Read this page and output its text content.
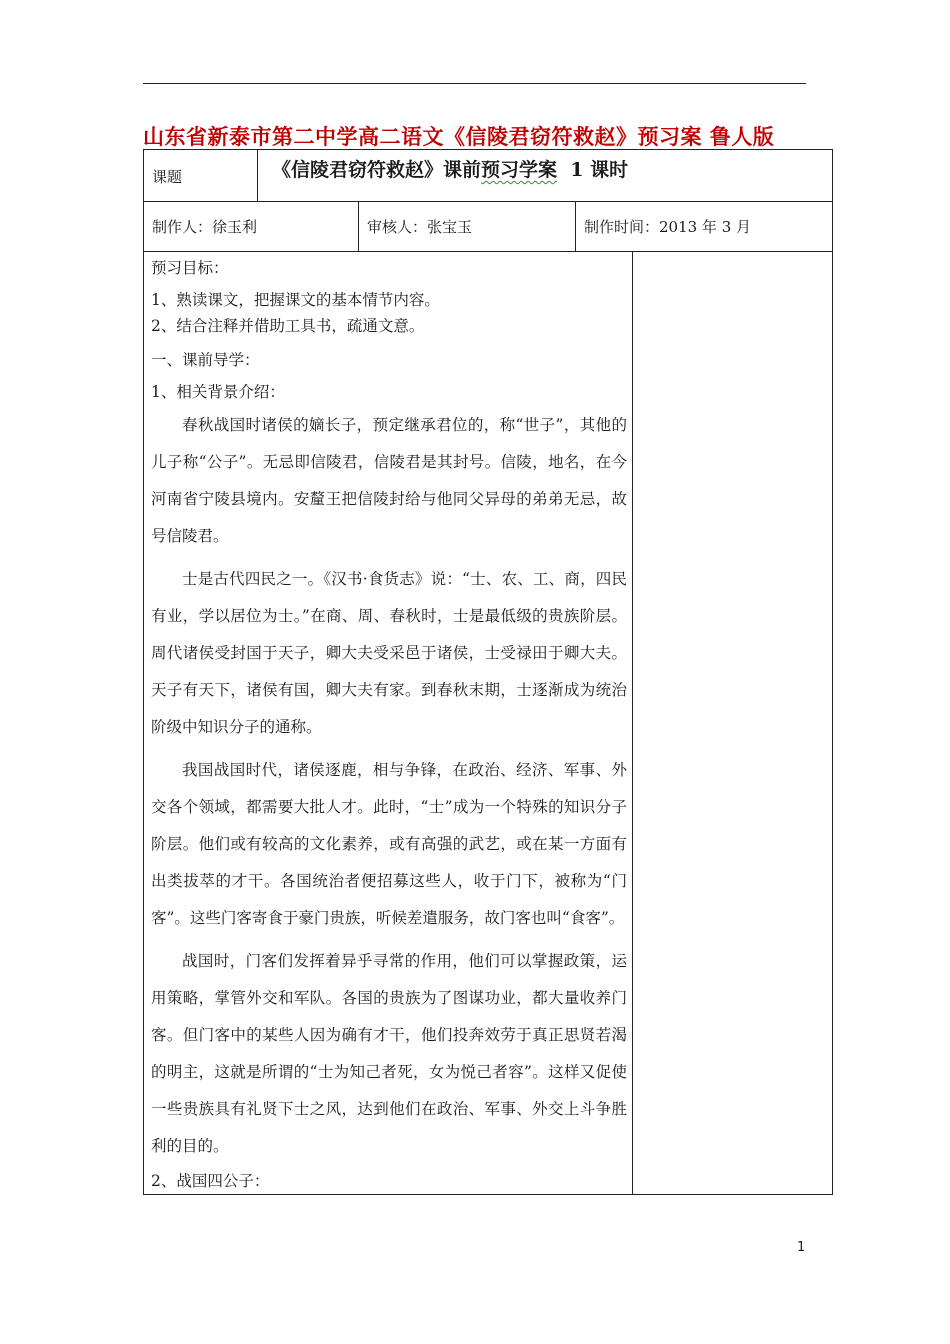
山东省新泰市第二中学高二语文《信陵君窃符救赵》预习案 鲁人版
课题	《信陵君窃符救赵》课前预习学案  1 课时
制作人：徐玉利	审核人：张宝玉	制作时间：2013 年 3 月
预习目标：
1、熟读课文，把握课文的基本情节内容。
2、结合注释并借助工具书，疏通文意。
一、课前导学：
1、相关背景介绍：
春秋战国时诸侯的嫡长子，预定继承君位的，称“世子”，其他的儿子称“公子”。无忌即信陵君，信陵君是其封号。信陵，地名，在今河南省宁陵县境内。安釐王把信陵封给与他同父异母的弟弟无忌，故号信陵君。
士是古代四民之一。《汉书·食货志》说：“士、农、工、商，四民有业，学以居位为士。”在商、周、春秋时，士是最低级的贵族阶层。周代诸侯受封国于天子，卿大夫受采邑于诸侯，士受禄田于卿大夫。天子有天下，诸侯有国，卿大夫有家。到春秋末期，士逐渐成为统治阶级中知识分子的通称。
我国战国时代，诸侯逐鹿，相与争锋，在政治、经济、军事、外交各个领域，都需要大批人才。此时，“士”成为一个特殊的知识分子阶层。他们或有较高的文化素养，或有高强的武艺，或在某一方面有出类拔萃的才干。各国统治者便招募这些人，收于门下，被称为“门客”。这些门客寄食于豪门贵族，听候差遣服务，故门客也叫“食客”。
战国时，门客们发挥着异乎寻常的作用，他们可以掌握政策，运用策略，掌管外交和军队。各国的贵族为了图谋功业，都大量收养门客。但门客中的某些人因为确有才干，他们投奔效劳于真正思贤若渴的明主，这就是所谓的“士为知己者死，女为悦己者容”。这样又促使一些贵族具有礼贤下士之风，达到他们在政治、军事、外交上斗争胜利的目的。
2、战国四公子：
1
